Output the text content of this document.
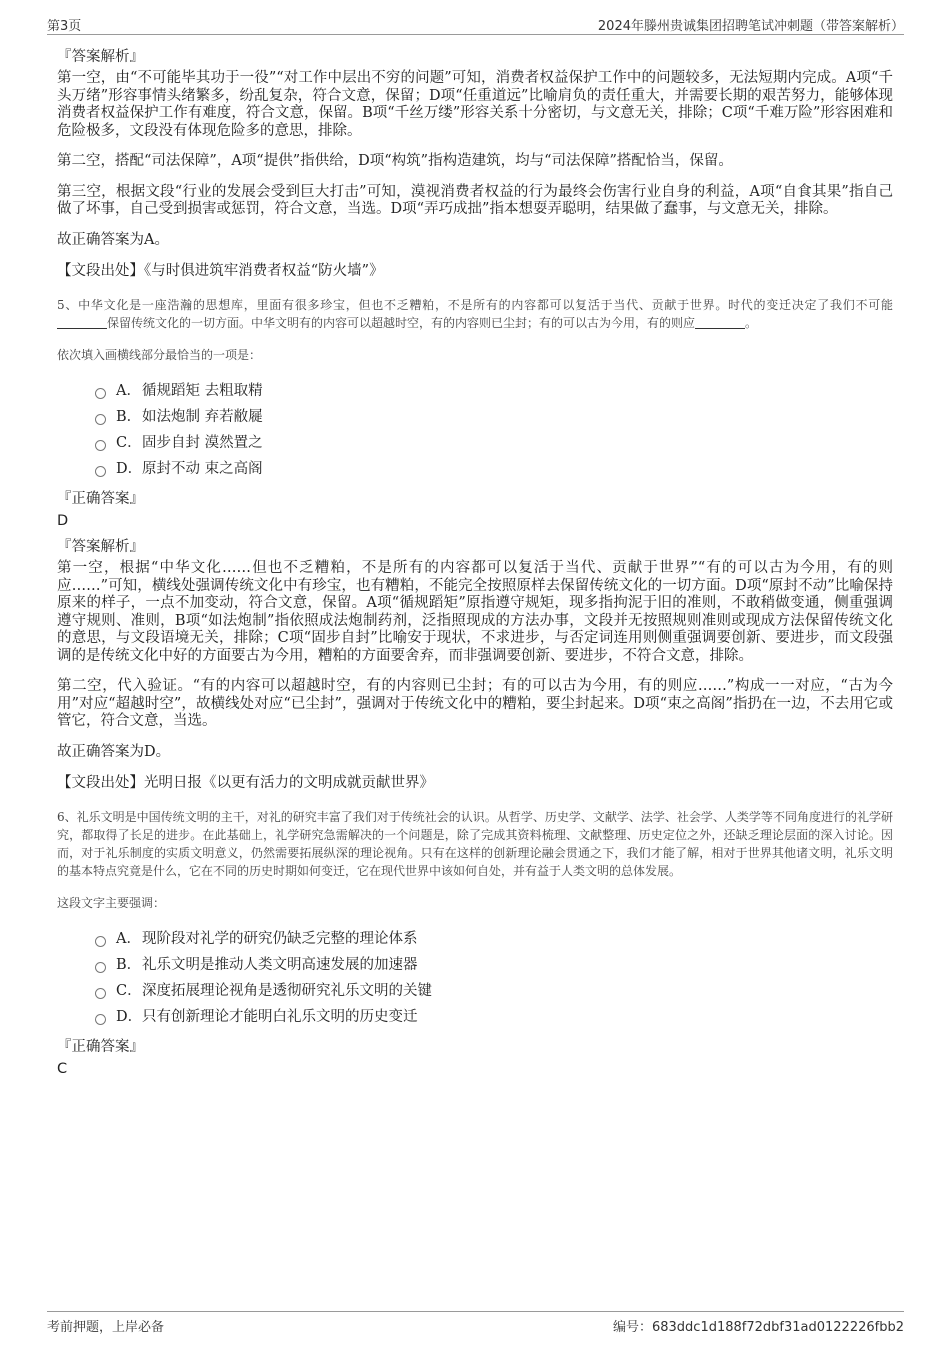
第3页	2024年滕州贵诚集团招聘笔试冲刺题（带答案解析）
『答案解析』

第一空，由“不可能毕其功于一役”“对工作中层出不穷的问题”可知，消费者权益保护工作中的问题较多，无法短期内完成。A项“千头万绪”形容事情头绪繁多，纷乱复杂，符合文意，保留；D项“任重道远”比喻肩负的责任重大，并需要长期的艰苦努力，能够体现消费者权益保护工作有难度，符合文意，保留。B项“千丝万缕”形容关系十分密切，与文意无关，排除；C项“千难万险”形容困难和危险极多，文段没有体现危险多的意思，排除。

第二空，搭配“司法保障”，A项“提供”指供给，D项“构筑”指构造建筑，均与“司法保障”搭配恰当，保留。

第三空，根据文段“行业的发展会受到巨大打击”可知，漠视消费者权益的行为最终会伤害行业自身的利益，A项“自食其果”指自己做了坏事，自己受到损害或惩罚，符合文意，当选。D项“弄巧成拙”指本想耍弄聪明，结果做了蠢事，与文意无关，排除。

故正确答案为A。

【文段出处】《与时俱进筑牢消费者权益“防火墙”》

5、中华文化是一座浩瀚的思想库，里面有很多珍宝，但也不乏糟粕，不是所有的内容都可以复活于当代、贡献于世界。时代的变迁决定了我们不可能保留传统文化的一切方面。中华文明有的内容可以超越时空，有的内容则已尘封；有的可以古为今用，有的则应	。

依次填入画横线部分最恰当的一项是：

A． 循规蹈矩 去粗取精
B． 如法炮制 弃若敝屣
C． 固步自封 漠然置之
D． 原封不动 束之高阁
『正确答案』
D
『答案解析』

第一空，根据“中华文化……但也不乏糟粕，不是所有的内容都可以复活于当代、贡献于世界”“有的可以古为今用，有的则应……”可知，横线处强调传统文化中有珍宝，也有糟粕，不能完全按照原样去保留传统文化的一切方面。D项“原封不动”比喻保持原来的样子，一点不加变动，符合文意，保留。A项“循规蹈矩”原指遵守规矩，现多指拘泥于旧的准则，不敢稍做变通，侧重强调遵守规则、准则，B项“如法炮制”指依照成法炮制药剂，泛指照现成的方法办事，文段并无按照规则准则或现成方法保留传统文化的意思，与文段语境无关，排除；C项“固步自封”比喻安于现状，不求进步，与否定词连用则侧重强调要创新、要进步，而文段强调的是传统文化中好的方面要古为今用，糟粕的方面要舍弃，而非强调要创新、要进步，不符合文意，排除。

第二空，代入验证。“有的内容可以超越时空，有的内容则已尘封；有的可以古为今用，有的则应……”构成一一对应，“古为今用”对应“超越时空”，故横线处对应“已尘封”，强调对于传统文化中的糟粕，要尘封起来。D项“束之高阁”指扔在一边，不去用它或管它，符合文意，当选。

故正确答案为D。

【文段出处】光明日报《以更有活力的文明成就贡献世界》

6、礼乐文明是中国传统文明的主干，对礼的研究丰富了我们对于传统社会的认识。从哲学、历史学、文献学、法学、社会学、人类学等不同角度进行的礼学研究，都取得了长足的进步。在此基础上，礼学研究急需解决的一个问题是，除了完成其资料梳理、文献整理、历史定位之外，还缺乏理论层面的深入讨论。因而，对于礼乐制度的实质文明意义，仍然需要拓展纵深的理论视角。只有在这样的创新理论融会贯通之下，我们才能了解，相对于世界其他诸文明，礼乐文明的基本特点究竟是什么，它在不同的历史时期如何变迁，它在现代世界中该如何自处，并有益于人类文明的总体发展。

这段文字主要强调：

A． 现阶段对礼学的研究仍缺乏完整的理论体系
B． 礼乐文明是推动人类文明高速发展的加速器
C． 深度拓展理论视角是透彻研究礼乐文明的关键
D． 只有创新理论才能明白礼乐文明的历史变迁
『正确答案』
C
考前押题，上岸必备	编号：683ddc1d188f72dbf31ad0122226fbb2
